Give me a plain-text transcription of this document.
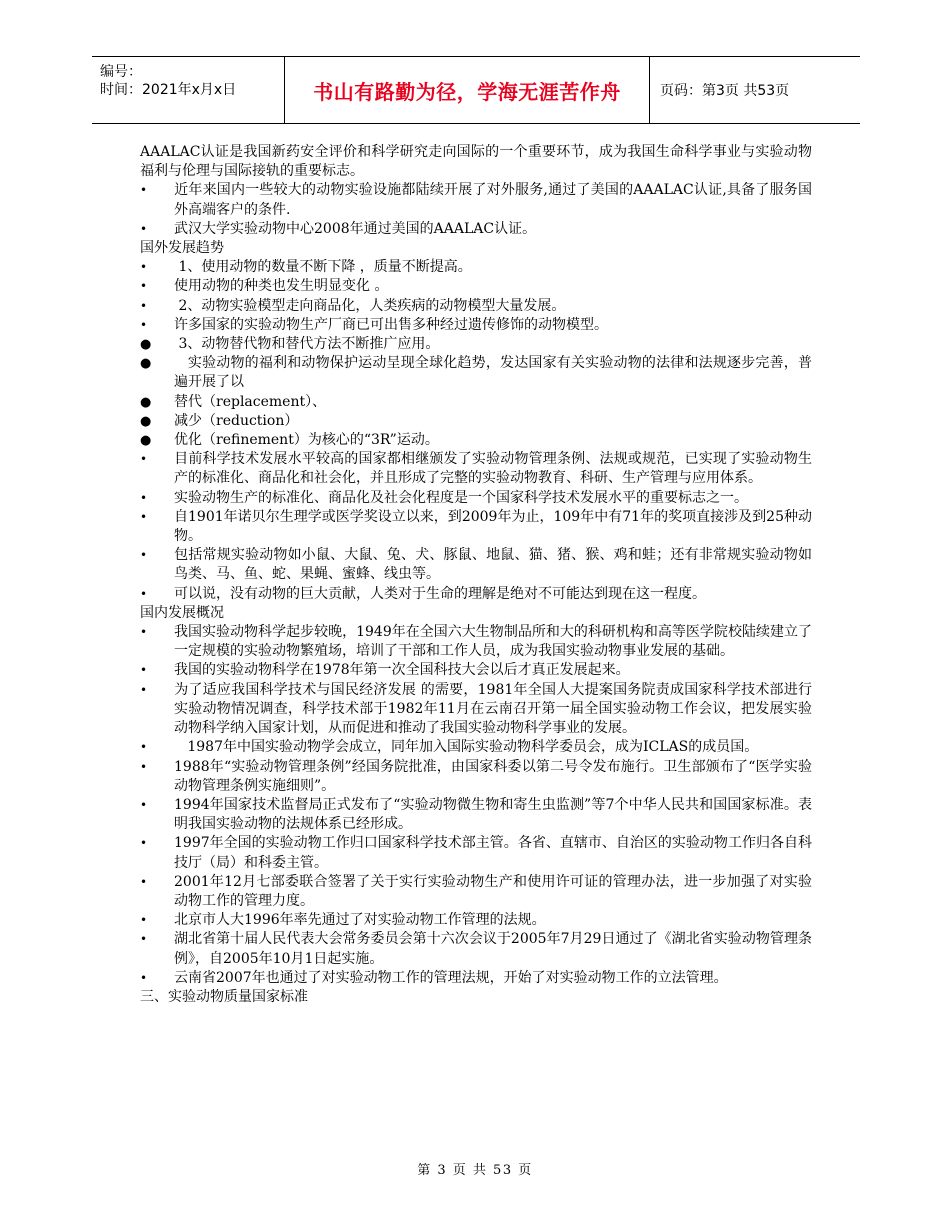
编号：
时间：2021年x月x日	书山有路勤为径，学海无涯苦作舟	页码：第3页 共53页
AAALAC认证是我国新药安全评价和科学研究走向国际的一个重要环节，成为我国生命科学事业与实验动物福利与伦理与国际接轨的重要标志。
• 近年来国内一些较大的动物实验设施都陆续开展了对外服务,通过了美国的AAALAC认证,具备了服务国外高端客户的条件.
• 武汉大学实验动物中心2008年通过美国的AAALAC认证。
国外发展趋势
• 1、使用动物的数量不断下降 ，质量不断提高。
• 使用动物的种类也发生明显变化 。
• 2、动物实验模型走向商品化，人类疾病的动物模型大量发展。
• 许多国家的实验动物生产厂商已可出售多种经过遗传修饰的动物模型。
● 3、动物替代物和替代方法不断推广应用。
●   实验动物的福利和动物保护运动呈现全球化趋势，发达国家有关实验动物的法律和法规逐步完善，普遍开展了以
● 替代（replacement）、
● 减少（reduction）
● 优化（refinement）为核心的“3R”运动。
• 目前科学技术发展水平较高的国家都相继颁发了实验动物管理条例、法规或规范，已实现了实验动物生产的标准化、商品化和社会化，并且形成了完整的实验动物教育、科研、生产管理与应用体系。
• 实验动物生产的标准化、商品化及社会化程度是一个国家科学技术发展水平的重要标志之一。
• 自1901年诺贝尔生理学或医学奖设立以来，到2009年为止，109年中有71年的奖项直接涉及到25种动物。
• 包括常规实验动物如小鼠、大鼠、兔、犬、豚鼠、地鼠、猫、猪、猴、鸡和蛙；还有非常规实验动物如鸟类、马、鱼、蛇、果蝇、蜜蜂、线虫等。
• 可以说，没有动物的巨大贡献，人类对于生命的理解是绝对不可能达到现在这一程度。
国内发展概况
• 我国实验动物科学起步较晚，1949年在全国六大生物制品所和大的科研机构和高等医学院校陆续建立了一定规模的实验动物繁殖场，培训了干部和工作人员，成为我国实验动物事业发展的基础。
• 我国的实验动物科学在1978年第一次全国科技大会以后才真正发展起来。
• 为了适应我国科学技术与国民经济发展 的需要，1981年全国人大提案国务院责成国家科学技术部进行实验动物情况调查，科学技术部于1982年11月在云南召开第一届全国实验动物工作会议，把发展实验动物科学纳入国家计划，从而促进和推动了我国实验动物科学事业的发展。
•   1987年中国实验动物学会成立，同年加入国际实验动物科学委员会，成为ICLAS的成员国。
• 1988年“实验动物管理条例”经国务院批准，由国家科委以第二号令发布施行。卫生部颁布了“医学实验动物管理条例实施细则”。
• 1994年国家技术监督局正式发布了“实验动物微生物和寄生虫监测”等7个中华人民共和国国家标准。表明我国实验动物的法规体系已经形成。
• 1997年全国的实验动物工作归口国家科学技术部主管。各省、直辖市、自治区的实验动物工作归各自科技厅（局）和科委主管。
• 2001年12月七部委联合签署了关于实行实验动物生产和使用许可证的管理办法，进一步加强了对实验动物工作的管理力度。
• 北京市人大1996年率先通过了对实验动物工作管理的法规。
• 湖北省第十届人民代表大会常务委员会第十六次会议于2005年7月29日通过了《湖北省实验动物管理条例》，自2005年10月1日起实施。
• 云南省2007年也通过了对实验动物工作的管理法规，开始了对实验动物工作的立法管理。
三、实验动物质量国家标准
第 3 页 共 53 页
